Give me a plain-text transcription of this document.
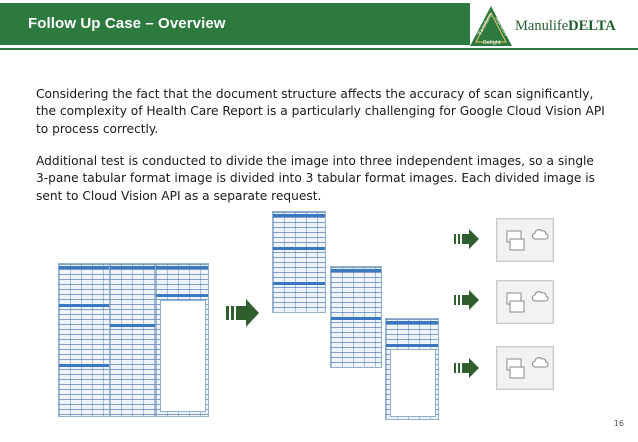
Follow Up Case – Overview	Transform Manulife
Delight
ManulifeDELTA

Considering the fact that the document structure affects the accuracy of scan significantly, the complexity of Health Care Report is a particularly challenging for Google Cloud Vision API to process correctly.

Additional test is conducted to divide the image into three independent images, so a single 3-pane tabular format image is divided into 3 tabular format images. Each divided image is sent to Cloud Vision API as a separate request.

16
